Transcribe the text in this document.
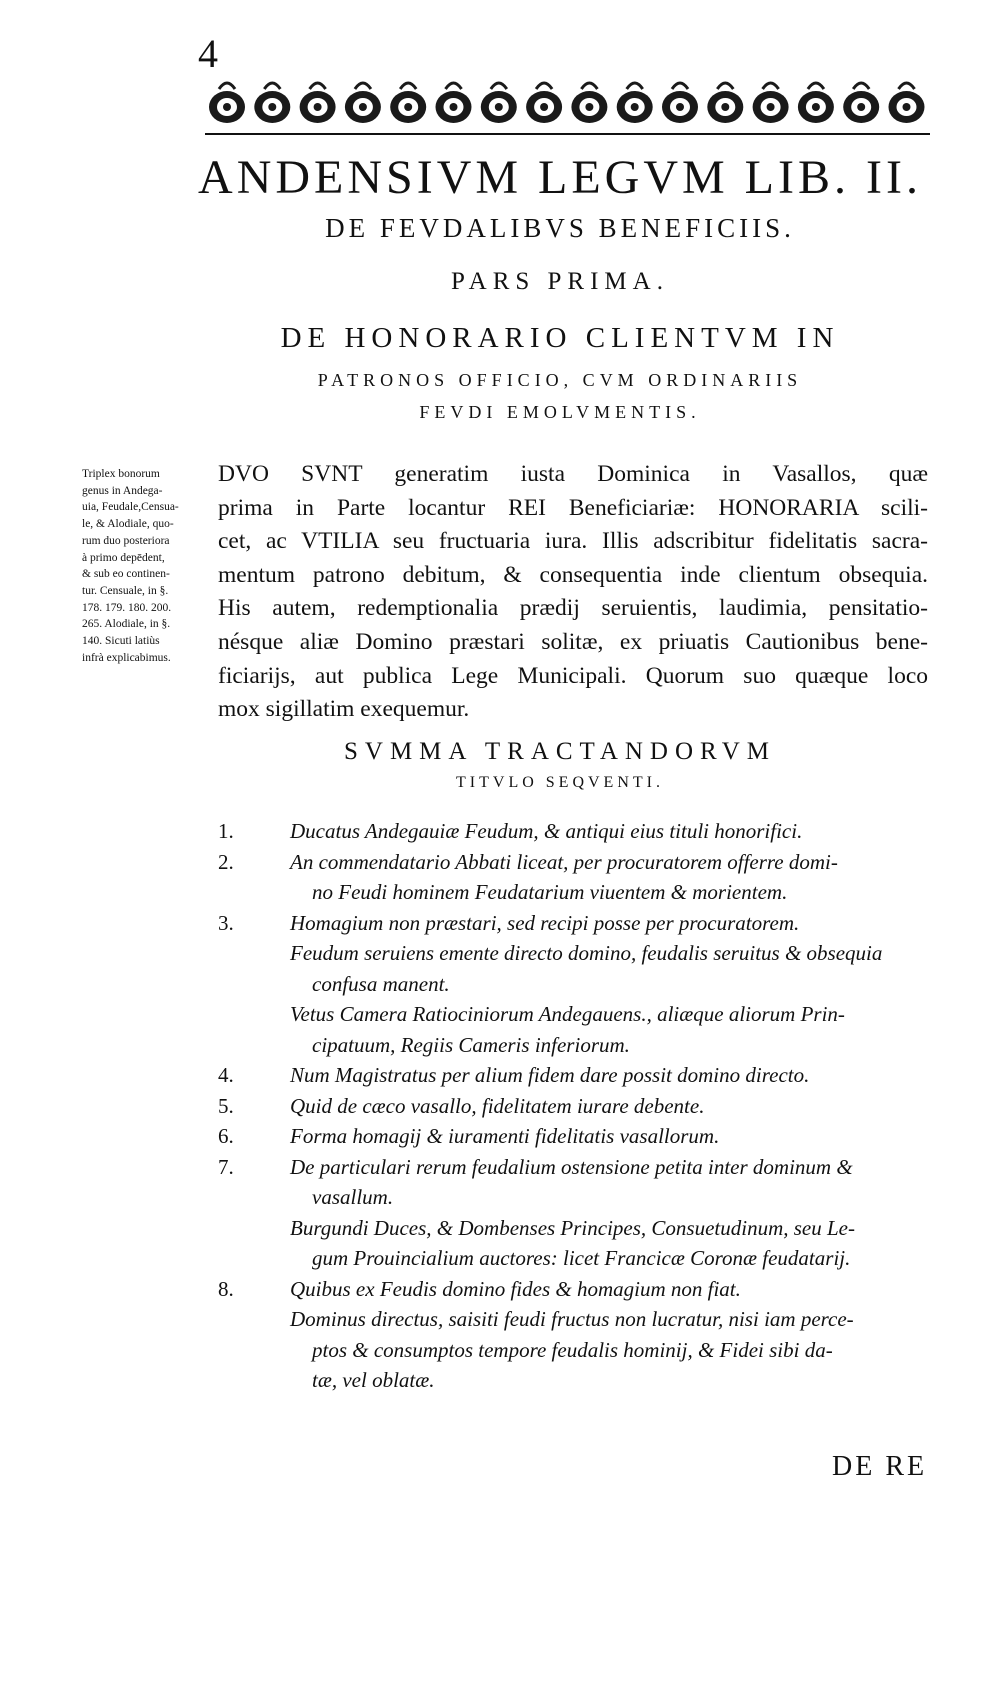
4
ANDENSIVM LEGVM LIB. II.
DE FEVDALIBVS BENEFICIIS.
PARS PRIMA.
DE HONORARIO CLIENTVM IN
PATRONOS OFFICIO, CVM ORDINARIIS
FEVDI EMOLVMENTIS.
Triplex bonorum
genus in Andega-
uia, Feudale,Censua-
le, & Alodiale, quo-
rum duo posteriora
à primo depēdent,
& sub eo continen-
tur. Censuale, in §.
178. 179. 180. 200.
265. Alodiale, in §.
140. Sicuti latiùs
infrà explicabimus.
DVO SVNT generatim iusta Dominica in Vasallos, quæ
prima in Parte locantur REI Beneficiariæ: HONORARIA scili-
cet, ac VTILIA seu fructuaria iura. Illis adscribitur fidelitatis sacra-
mentum patrono debitum, & consequentia inde clientum obsequia.
His autem, redemptionalia prædij seruientis, laudimia, pensitatio-
nésque aliæ Domino præstari solitæ, ex priuatis Cautionibus bene-
ficiarijs, aut publica Lege Municipali. Quorum suo quæque loco
mox sigillatim exequemur.
SVMMA TRACTANDORVM
TITVLO SEQVENTI.
1.	Ducatus Andegauiæ Feudum, & antiqui eius tituli honorifici.
2.	An commendatario Abbati liceat, per procuratorem offerre domi-
no Feudi hominem Feudatarium viuentem & morientem.
3.	Homagium non præstari, sed recipi posse per procuratorem.
Feudum seruiens emente directo domino, feudalis seruitus & obsequia
confusa manent.
Vetus Camera Ratiociniorum Andegauens., aliæque aliorum Prin-
cipatuum, Regiis Cameris inferiorum.
4.	Num Magistratus per alium fidem dare possit domino directo.
5.	Quid de cæco vasallo, fidelitatem iurare debente.
6.	Forma homagij & iuramenti fidelitatis vasallorum.
7.	De particulari rerum feudalium ostensione petita inter dominum &
vasallum.
Burgundi Duces, & Dombenses Principes, Consuetudinum, seu Le-
gum Prouincialium auctores: licet Francicæ Coronæ feudatarij.
8.	Quibus ex Feudis domino fides & homagium non fiat.
Dominus directus, saisiti feudi fructus non lucratur, nisi iam perce-
ptos & consumptos tempore feudalis hominij, & Fidei sibi da-
tæ, vel oblatæ.
DE RE
